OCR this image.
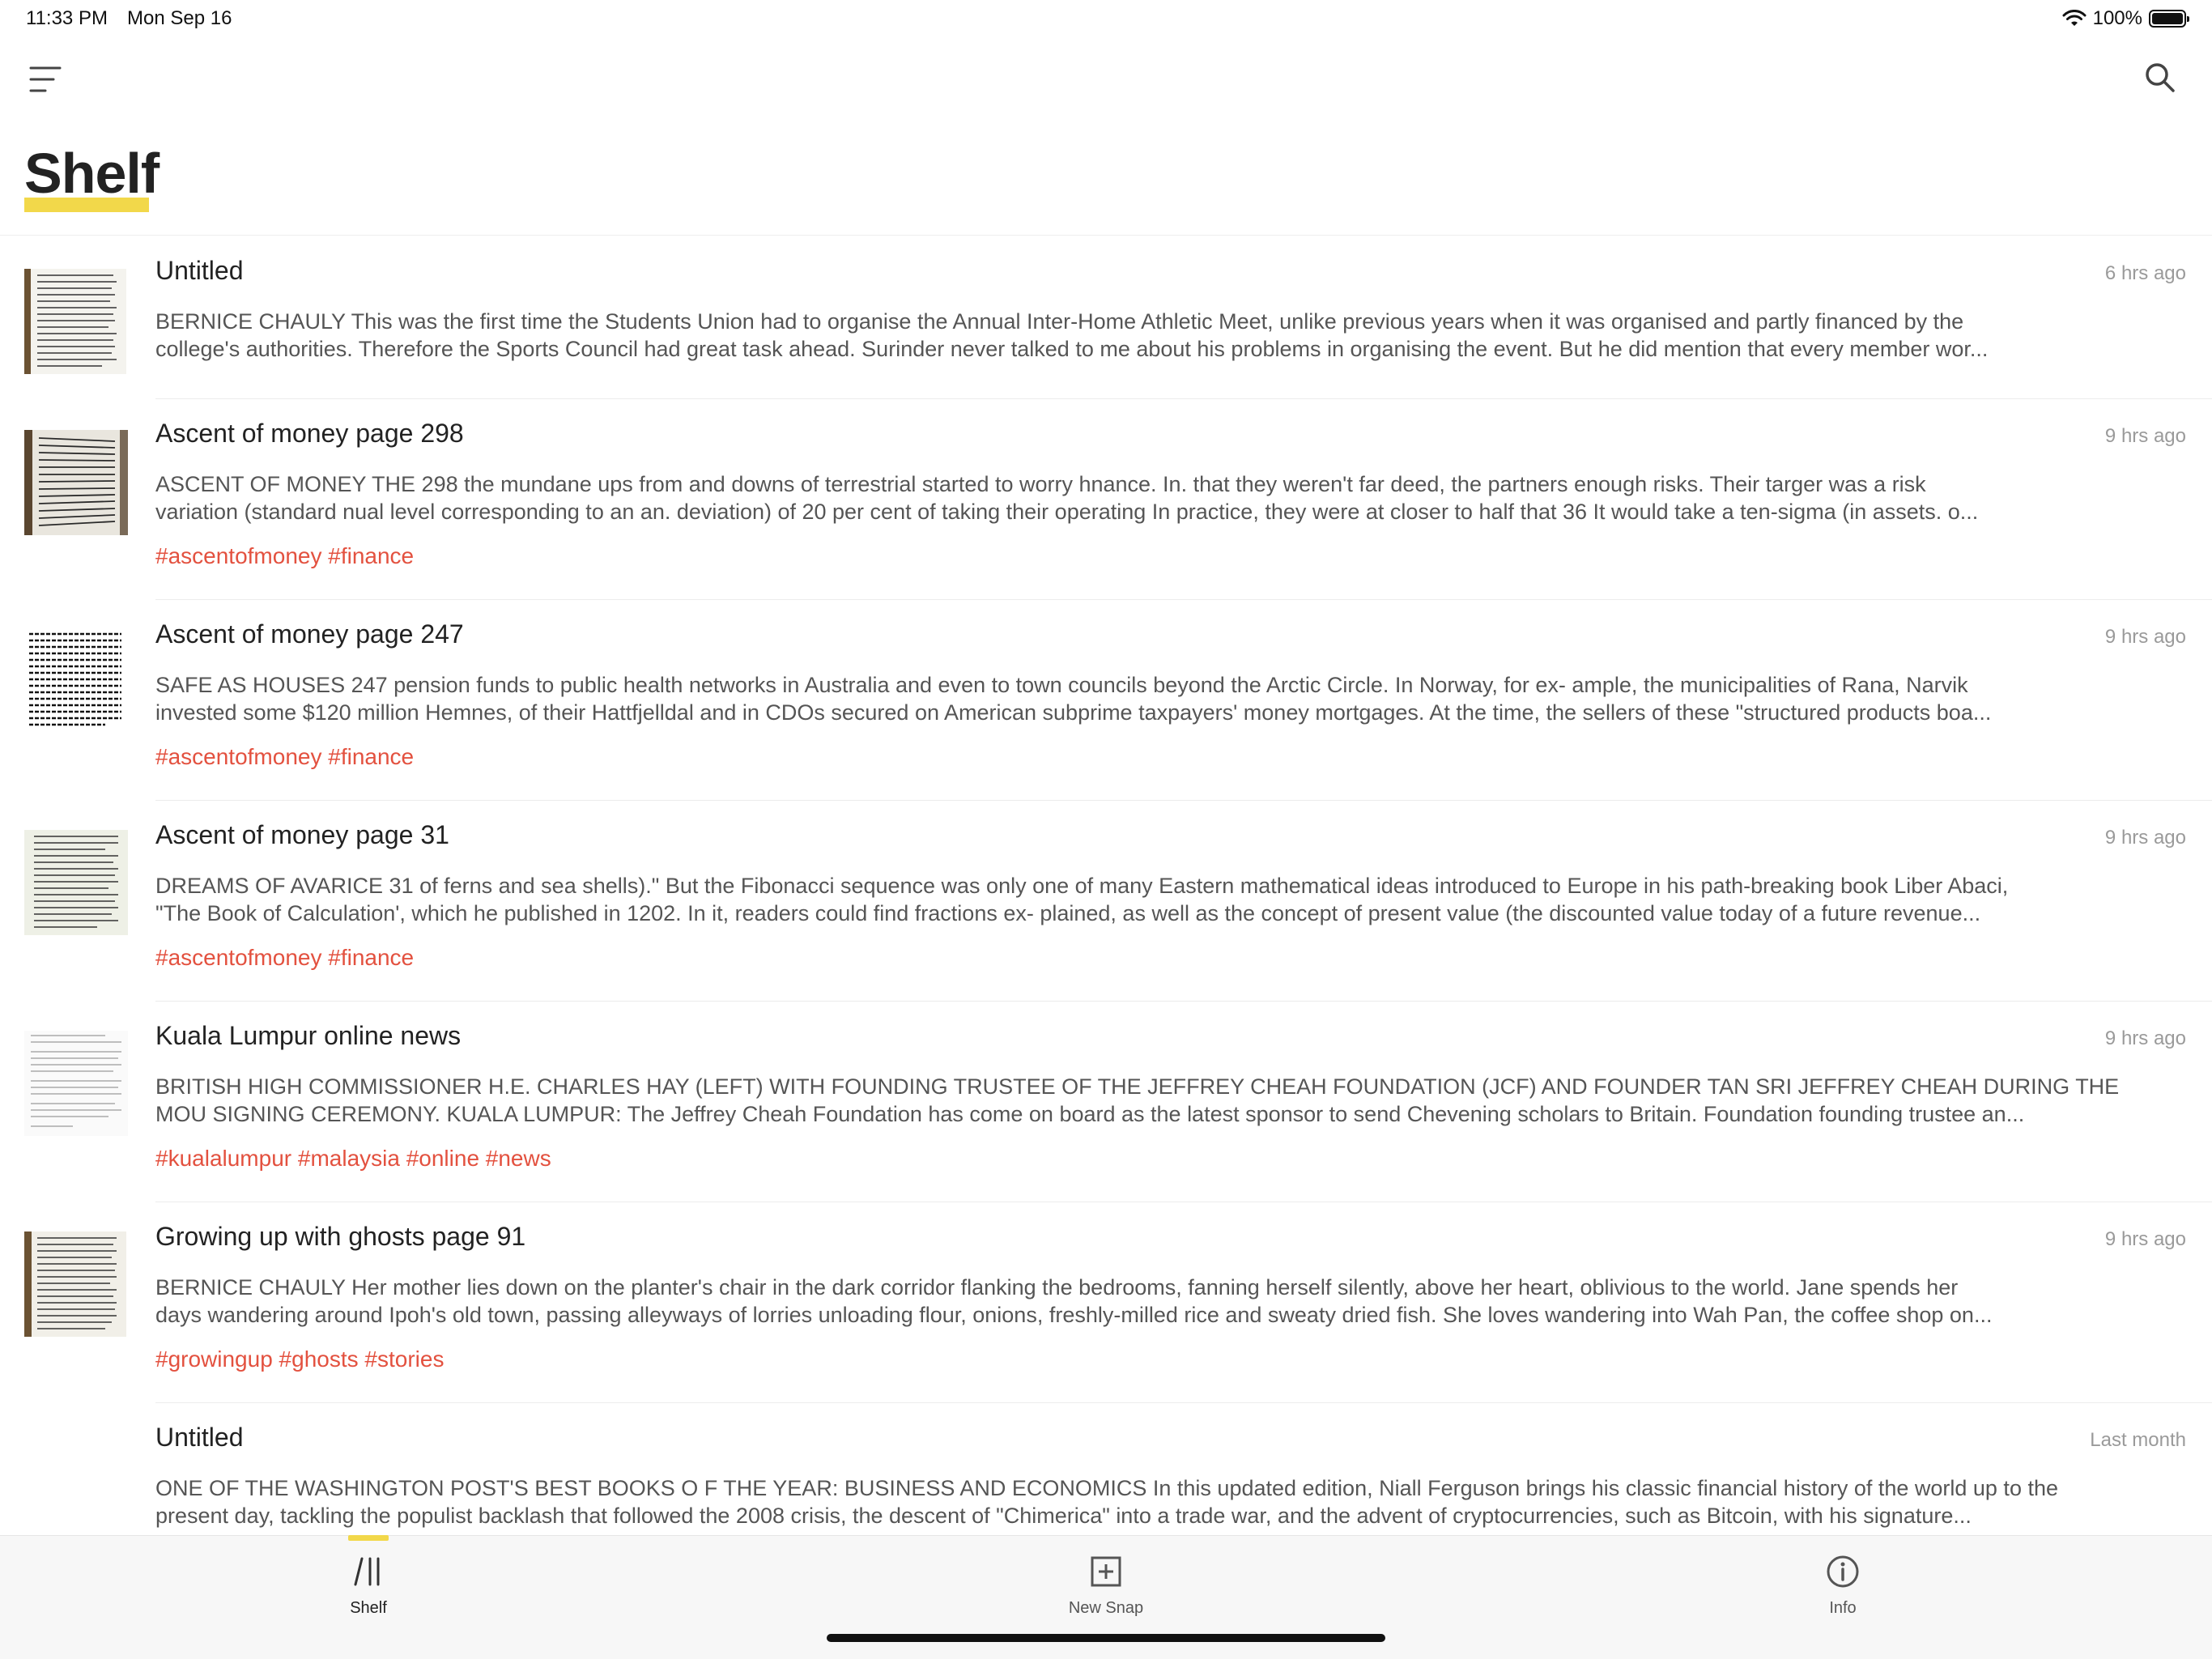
11:33 PM Mon Sep 16	100%
Shelf
Untitled	6 hrs ago
BERNICE CHAULY This was the first time the Students Union had to organise the Annual Inter-Home Athletic Meet, unlike previous years when it was organised and partly financed by the
college's authorities. Therefore the Sports Council had great task ahead. Surinder never talked to me about his problems in organising the event. But he did mention that every member wor...
Ascent of money page 298	9 hrs ago
ASCENT OF MONEY THE 298 the mundane ups from and downs of terrestrial started to worry hnance. In. that they weren't far deed, the partners enough risks. Their targer was a risk
variation (standard nual level corresponding to an an. deviation) of 20 per cent of taking their operating In practice, they were at closer to half that 36 It would take a ten-sigma (in assets. o...
#ascentofmoney #finance
Ascent of money page 247	9 hrs ago
SAFE AS HOUSES 247 pension funds to public health networks in Australia and even to town councils beyond the Arctic Circle. In Norway, for ex- ample, the municipalities of Rana, Narvik
invested some $120 million Hemnes, of their Hattfjelldal and in CDOs secured on American subprime taxpayers' money mortgages. At the time, the sellers of these "structured products boa...
#ascentofmoney #finance
Ascent of money page 31	9 hrs ago
DREAMS OF AVARICE 31 of ferns and sea shells)." But the Fibonacci sequence was only one of many Eastern mathematical ideas introduced to Europe in his path-breaking book Liber Abaci,
"The Book of Calculation', which he published in 1202. In it, readers could find fractions ex- plained, as well as the concept of present value (the discounted value today of a future revenue...
#ascentofmoney #finance
Kuala Lumpur online news	9 hrs ago
BRITISH HIGH COMMISSIONER H.E. CHARLES HAY (LEFT) WITH FOUNDING TRUSTEE OF THE JEFFREY CHEAH FOUNDATION (JCF) AND FOUNDER TAN SRI JEFFREY CHEAH DURING THE
MOU SIGNING CEREMONY. KUALA LUMPUR: The Jeffrey Cheah Foundation has come on board as the latest sponsor to send Chevening scholars to Britain. Foundation founding trustee an...
#kualalumpur #malaysia #online #news
Growing up with ghosts page 91	9 hrs ago
BERNICE CHAULY Her mother lies down on the planter's chair in the dark corridor flanking the bedrooms, fanning herself silently, above her heart, oblivious to the world. Jane spends her
days wandering around Ipoh's old town, passing alleyways of lorries unloading flour, onions, freshly-milled rice and sweaty dried fish. She loves wandering into Wah Pan, the coffee shop on...
#growingup #ghosts #stories
Untitled	Last month
ONE OF THE WASHINGTON POST'S BEST BOOKS O F THE YEAR: BUSINESS AND ECONOMICS In this updated edition, Niall Ferguson brings his classic financial history of the world up to the
present day, tackling the populist backlash that followed the 2008 crisis, the descent of "Chimerica" into a trade war, and the advent of cryptocurrencies, such as Bitcoin, with his signature...
Shelf	New Snap	Info
